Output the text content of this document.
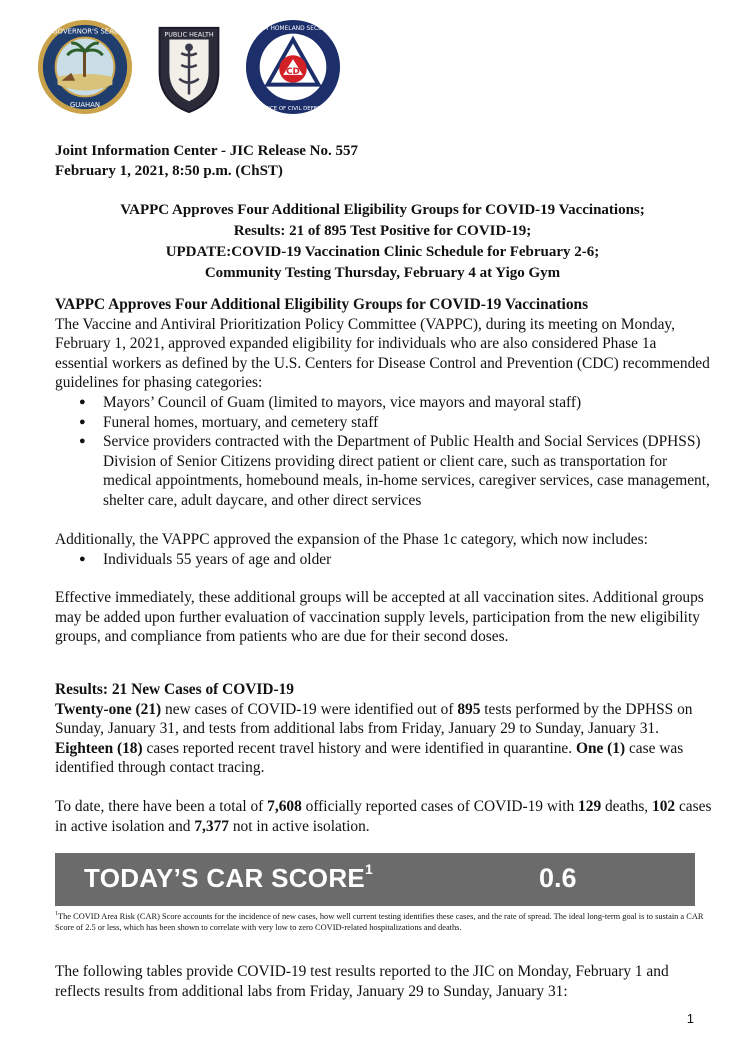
GOVERNOR'S SEAL
GUAHAN
PUBLIC HEALTH
CD
GUAM HOMELAND SECURITY
OFFICE OF CIVIL DEFENSE
Joint Information Center - JIC Release No. 557
February 1, 2021, 8:50 p.m. (ChST)
VAPPC Approves Four Additional Eligibility Groups for COVID-19 Vaccinations;
Results: 21 of 895 Test Positive for COVID-19;
UPDATE:COVID-19 Vaccination Clinic Schedule for February 2-6;
Community Testing Thursday, February 4 at Yigo Gym

VAPPC Approves Four Additional Eligibility Groups for COVID-19 Vaccinations

The Vaccine and Antiviral Prioritization Policy Committee (VAPPC), during its meeting on Monday, February 1, 2021, approved expanded eligibility for individuals who are also considered Phase 1a essential workers as defined by the U.S. Centers for Disease Control and Prevention (CDC) recommended guidelines for phasing categories:

● Mayors’ Council of Guam (limited to mayors, vice mayors and mayoral staff)
● Funeral homes, mortuary, and cemetery staff
● Service providers contracted with the Department of Public Health and Social Services (DPHSS) Division of Senior Citizens providing direct patient or client care, such as transportation for medical appointments, homebound meals, in-home services, caregiver services, case management, shelter care, adult daycare, and other direct services

Additionally, the VAPPC approved the expansion of the Phase 1c category, which now includes:

● Individuals 55 years of age and older

Effective immediately, these additional groups will be accepted at all vaccination sites. Additional groups may be added upon further evaluation of vaccination supply levels, participation from the new eligibility groups, and compliance from patients who are due for their second doses.

Results: 21 New Cases of COVID-19

Twenty-one (21) new cases of COVID-19 were identified out of 895 tests performed by the DPHSS on Sunday, January 31, and tests from additional labs from Friday, January 29 to Sunday, January 31. Eighteen (18) cases reported recent travel history and were identified in quarantine. One (1) case was identified through contact tracing.

To date, there have been a total of 7,608 officially reported cases of COVID-19 with 129 deaths, 102 cases in active isolation and 7,377 not in active isolation.

TODAY’S CAR SCORE$^1$	0.6
$^1$The COVID Area Risk (CAR) Score accounts for the incidence of new cases, how well current testing identifies these cases, and the rate of spread. The ideal long-term goal is to sustain a CAR Score of 2.5 or less, which has been shown to correlate with very low to zero COVID-related hospitalizations and deaths.

The following tables provide COVID-19 test results reported to the JIC on Monday, February 1 and reflects results from additional labs from Friday, January 29 to Sunday, January 31:

1
